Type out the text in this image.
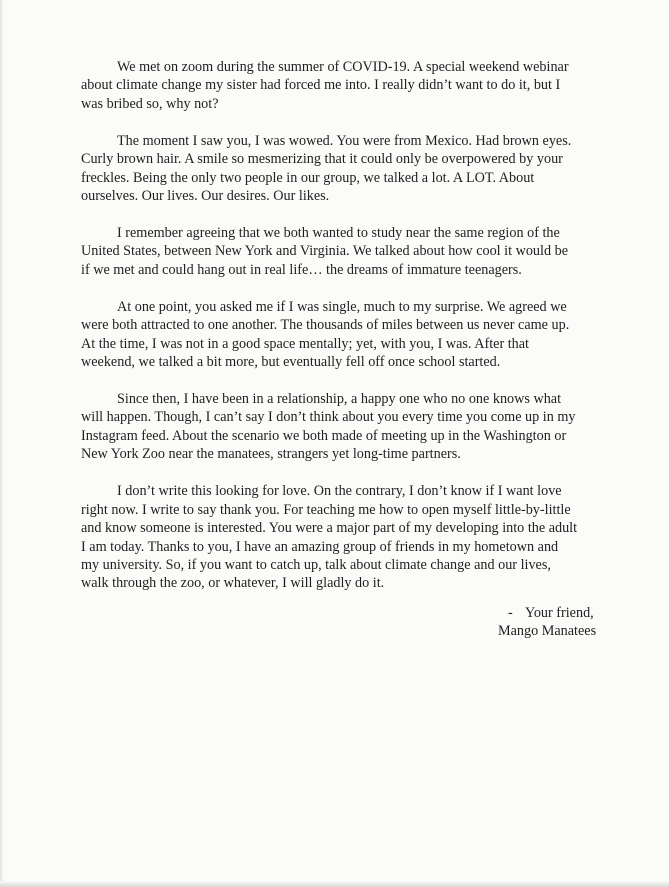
We met on zoom during the summer of COVID-19. A special weekend webinar about climate change my sister had forced me into. I really didn’t want to do it, but I was bribed so, why not?

The moment I saw you, I was wowed. You were from Mexico. Had brown eyes. Curly brown hair. A smile so mesmerizing that it could only be overpowered by your freckles. Being the only two people in our group, we talked a lot. A LOT. About ourselves. Our lives. Our desires. Our likes.

I remember agreeing that we both wanted to study near the same region of the United States, between New York and Virginia. We talked about how cool it would be if we met and could hang out in real life… the dreams of immature teenagers.

At one point, you asked me if I was single, much to my surprise. We agreed we were both attracted to one another. The thousands of miles between us never came up. At the time, I was not in a good space mentally; yet, with you, I was. After that weekend, we talked a bit more, but eventually fell off once school started.

Since then, I have been in a relationship, a happy one who no one knows what will happen. Though, I can’t say I don’t think about you every time you come up in my Instagram feed. About the scenario we both made of meeting up in the Washington or New York Zoo near the manatees, strangers yet long-time partners.

I don’t write this looking for love. On the contrary, I don’t know if I want love right now. I write to say thank you. For teaching me how to open myself little-by-little and know someone is interested. You were a major part of my developing into the adult I am today. Thanks to you, I have an amazing group of friends in my hometown and my university. So, if you want to catch up, talk about climate change and our lives, walk through the zoo, or whatever, I will gladly do it.

- Your friend,
Mango Manatees
